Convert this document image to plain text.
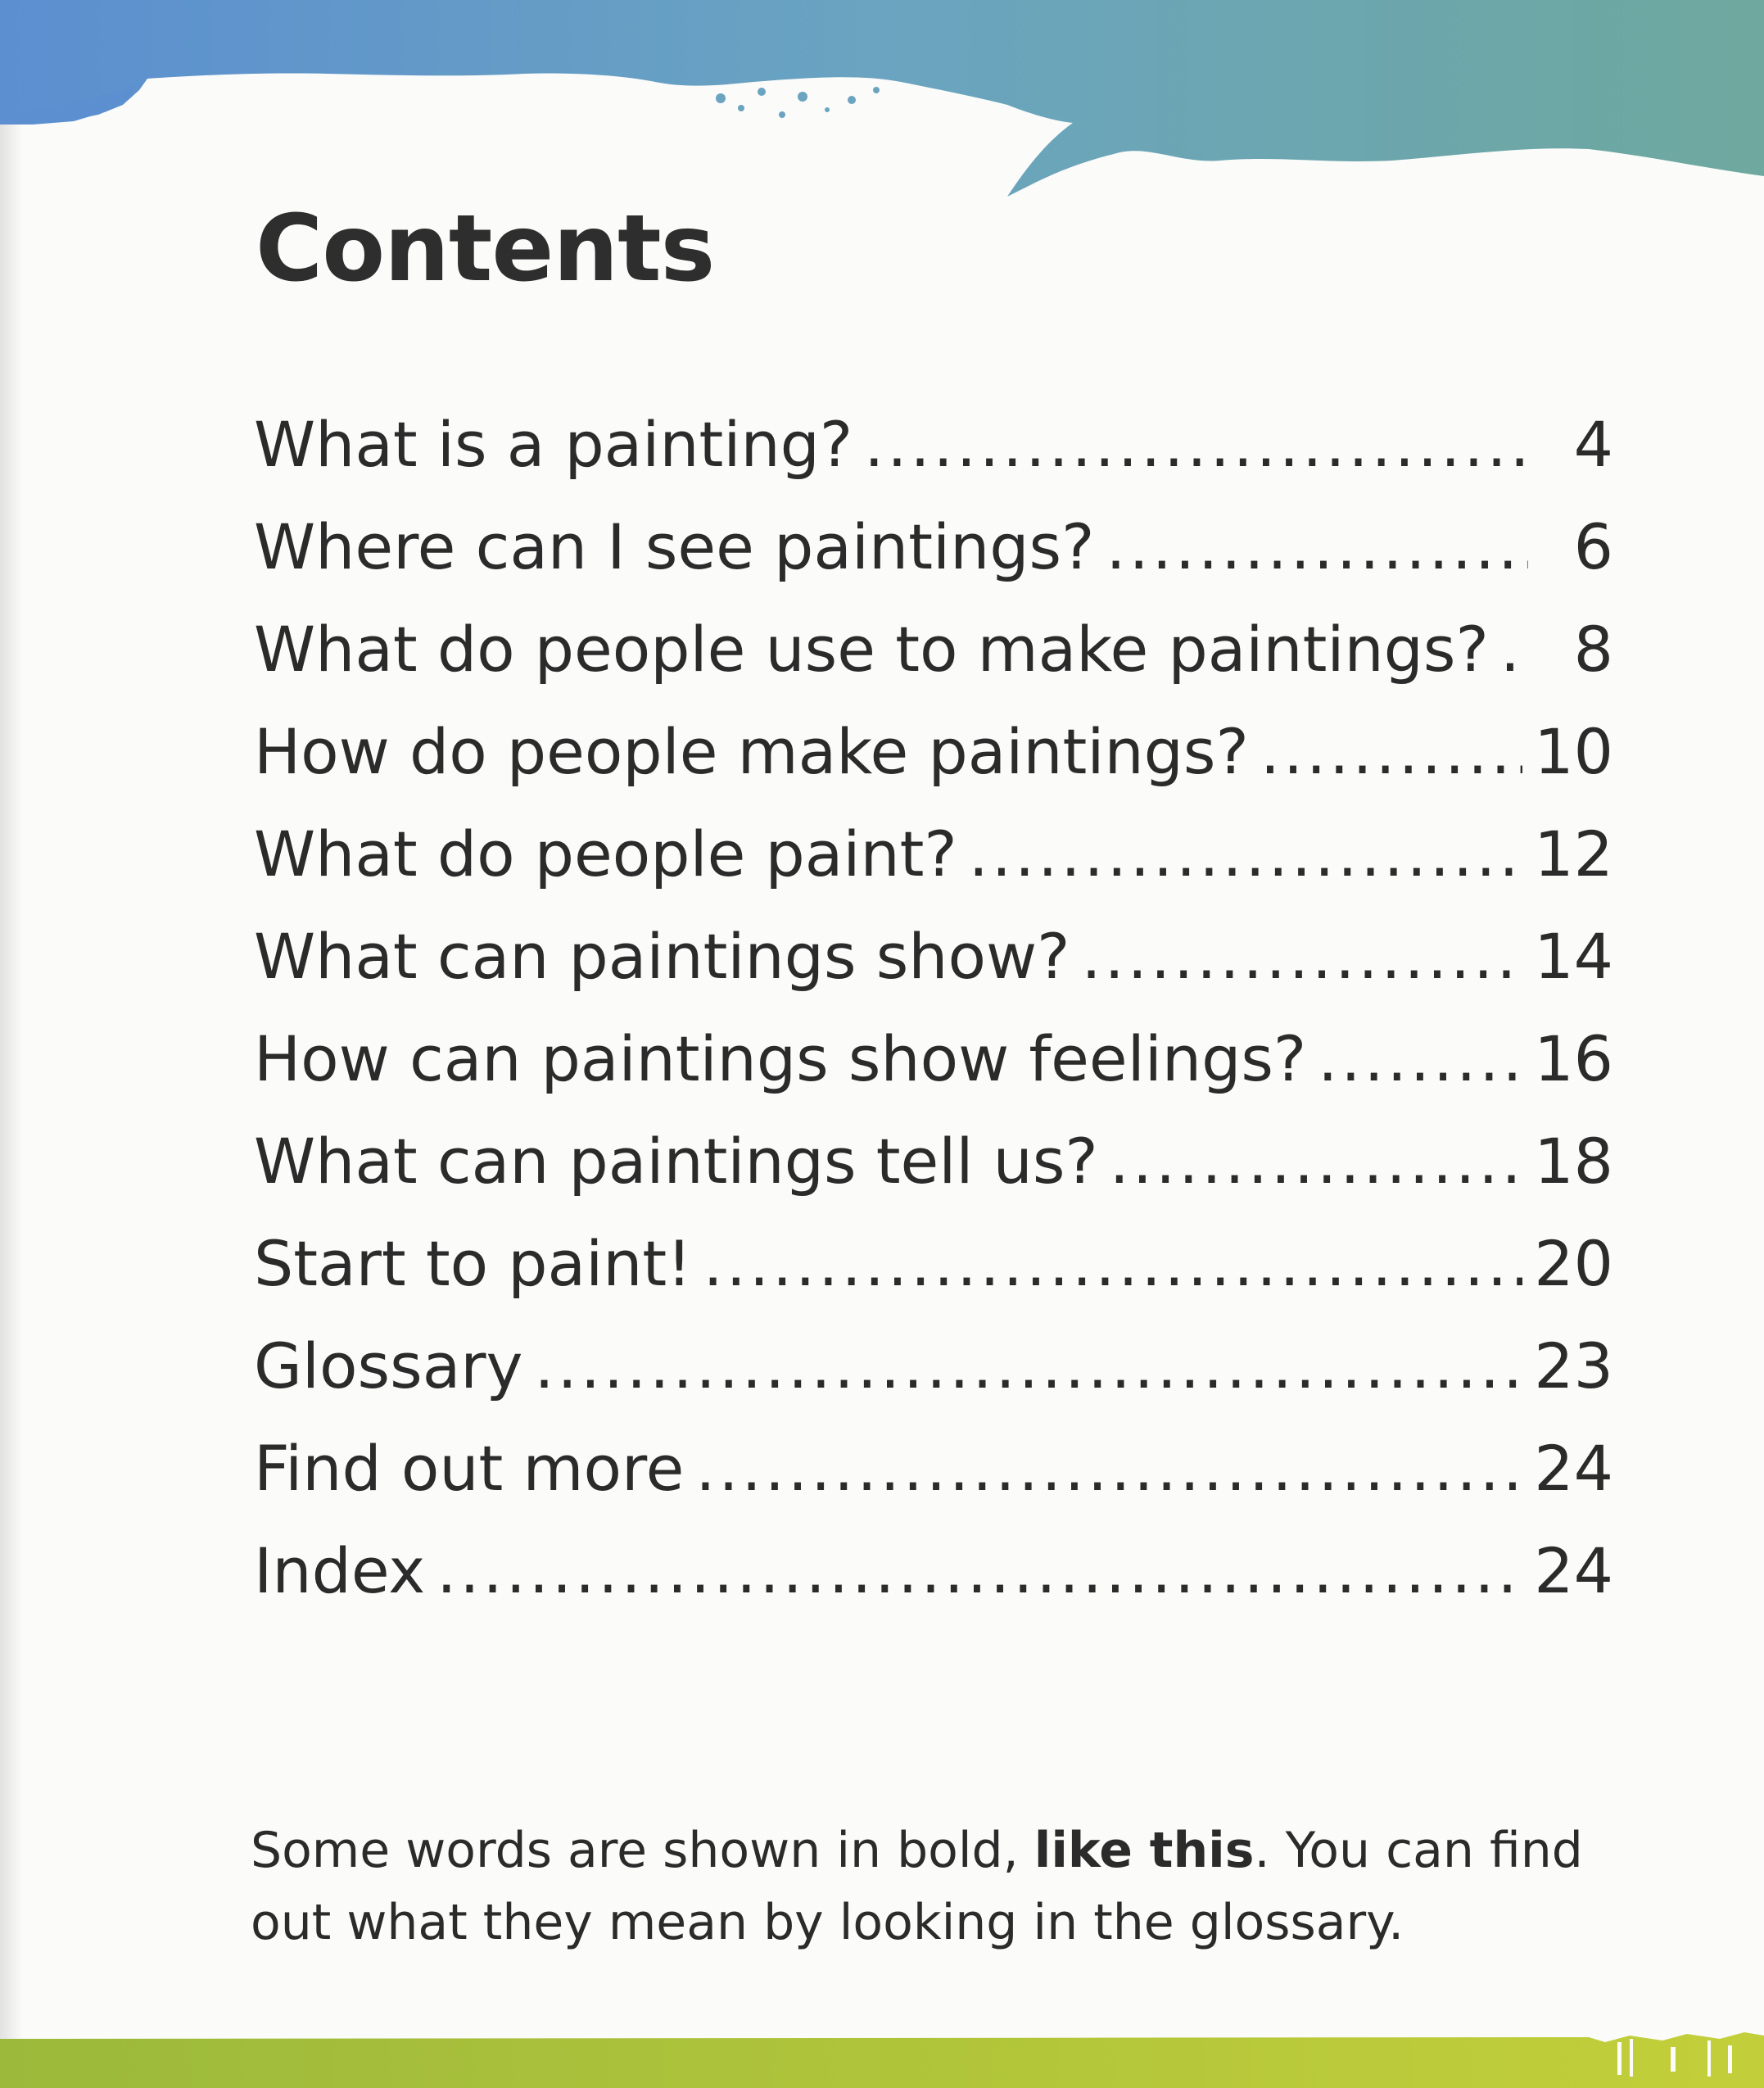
Contents
What is a painting? .....	4
Where can I see paintings? .....	6
What do people use to make paintings? .....	8
How do people make paintings? .....	10
What do people paint? .....	12
What can paintings show? .....	14
How can paintings show feelings? .....	16
What can paintings tell us? .....	18
Start to paint! .....	20
Glossary .....	23
Find out more .....	24
Index .....	24

Some words are shown in bold, like this. You can find out what they mean by looking in the glossary.
